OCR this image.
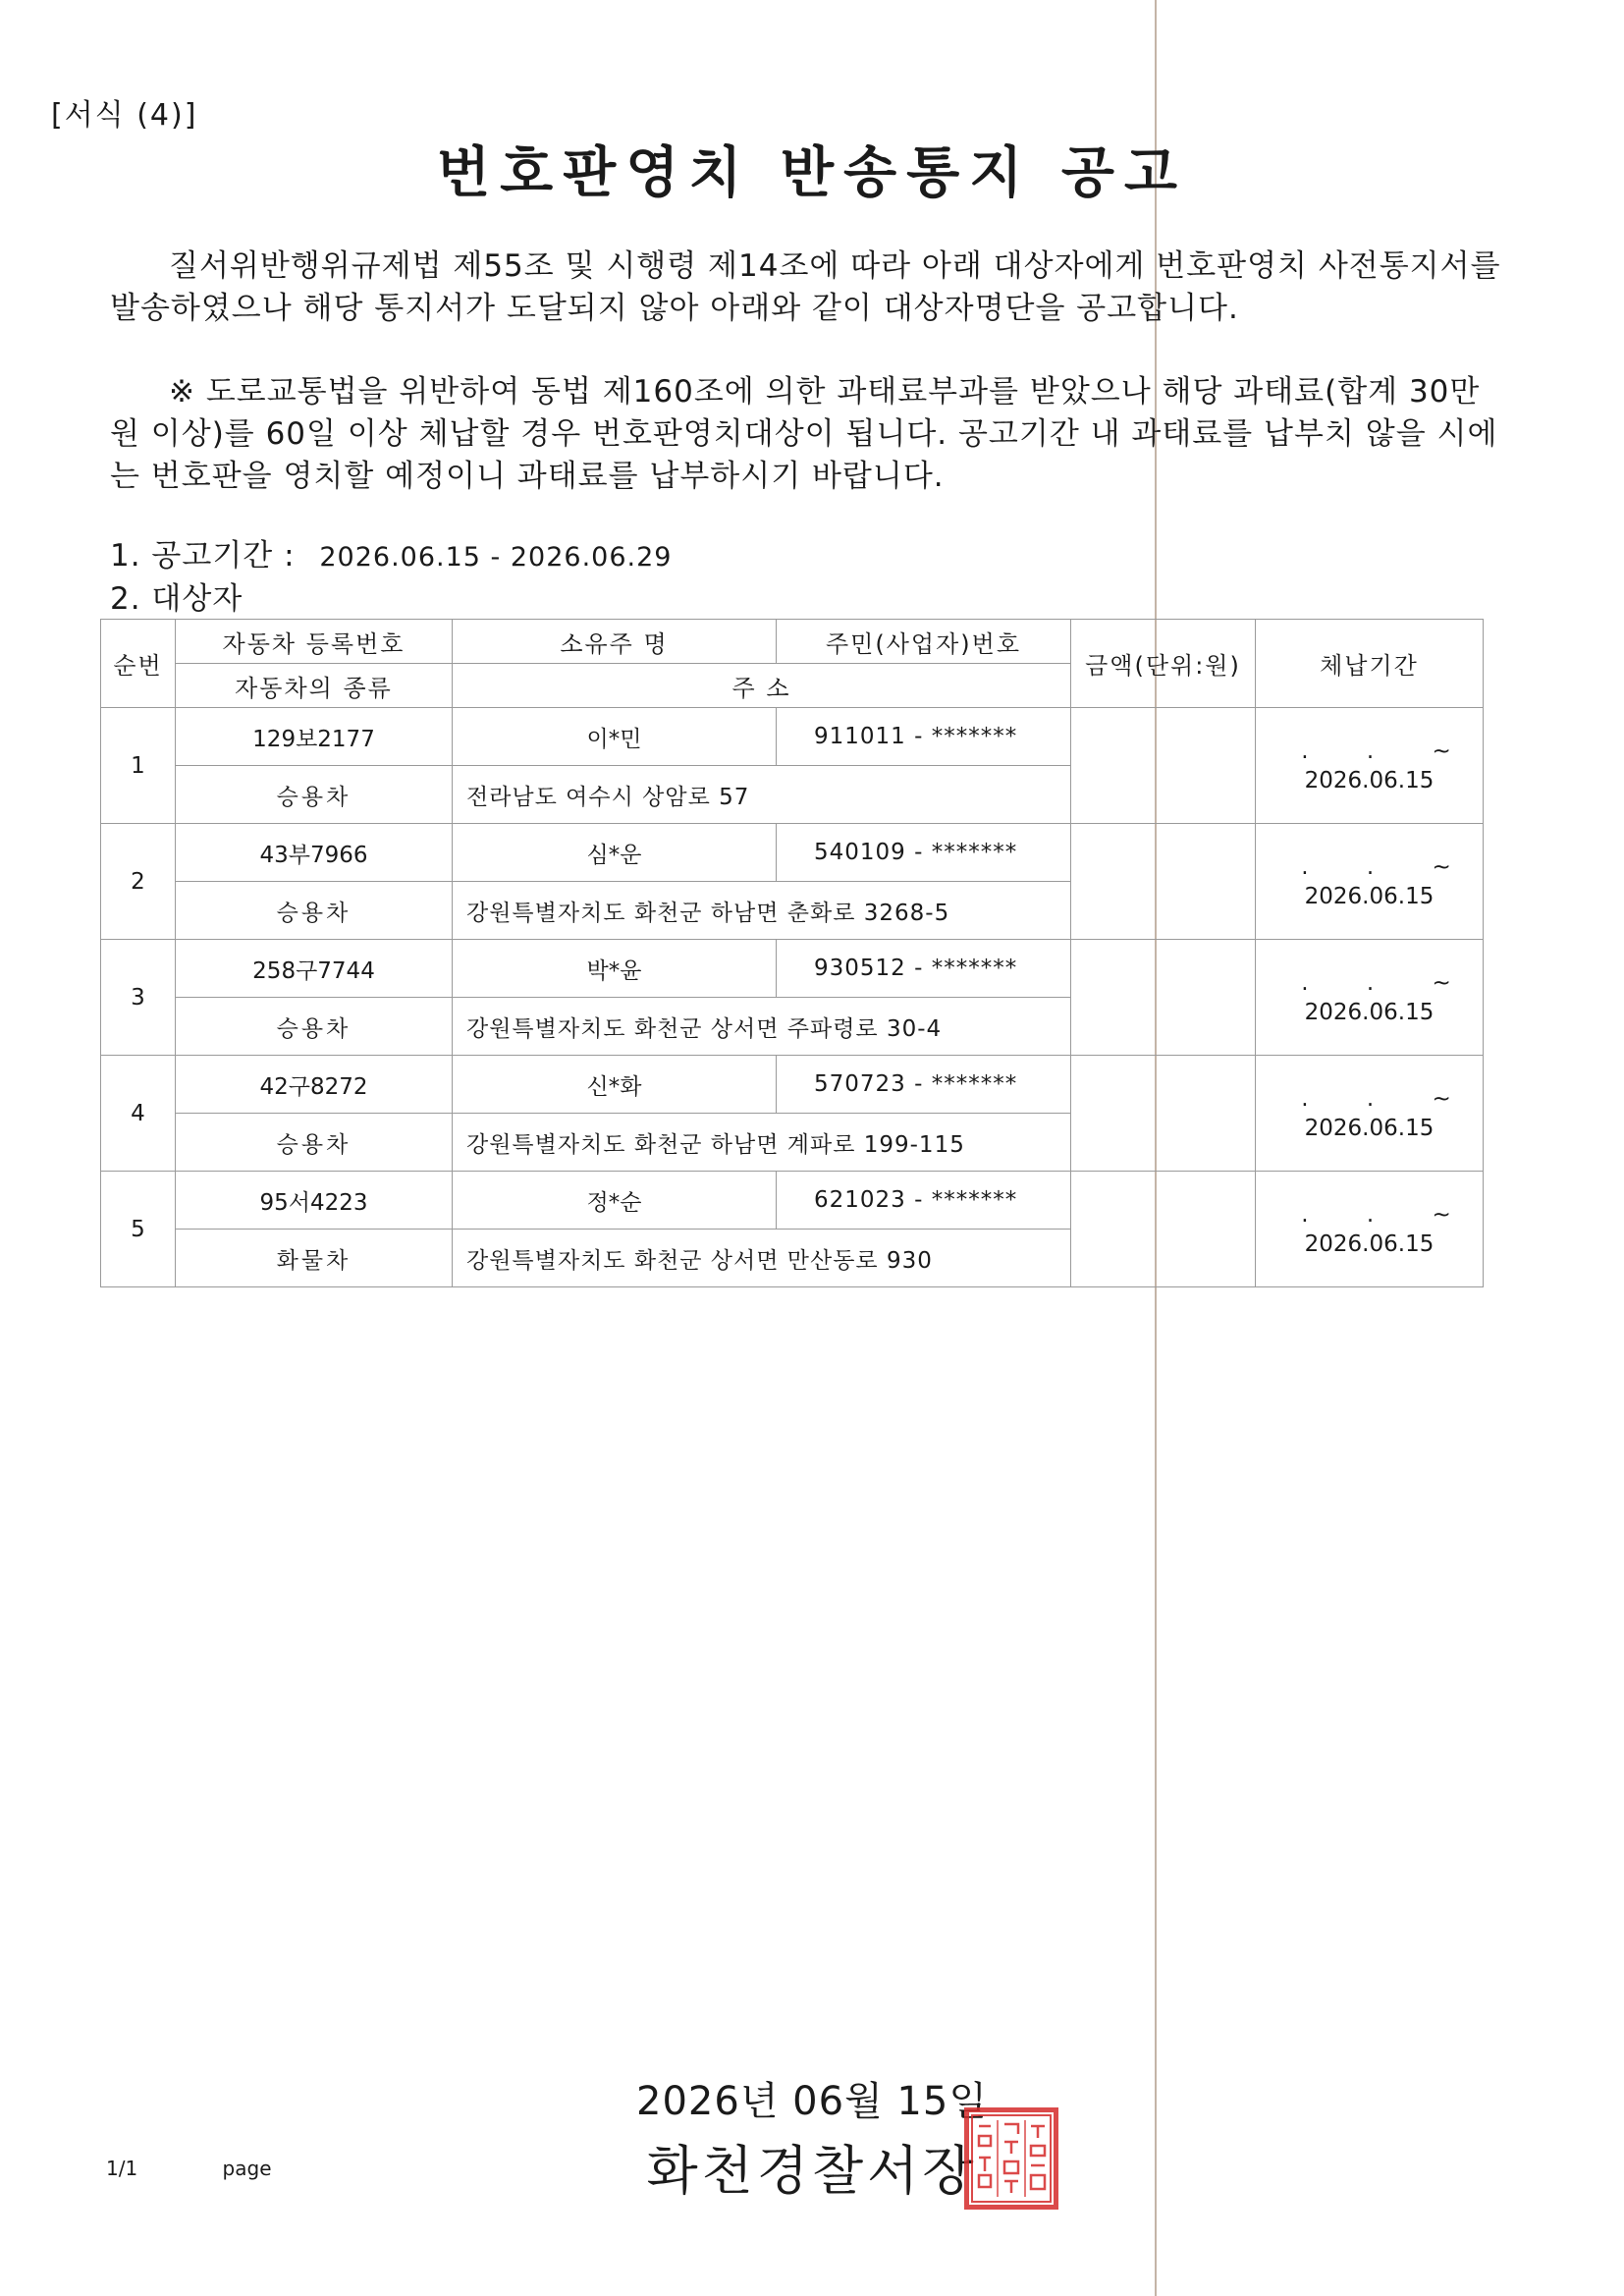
[서식 (4)]
번호판영치 반송통지 공고
질서위반행위규제법 제55조 및 시행령 제14조에 따라 아래 대상자에게 번호판영치 사전통지서를 발송하였으나 해당 통지서가 도달되지 않아 아래와 같이 대상자명단을 공고합니다.
※ 도로교통법을 위반하여 동법 제160조에 의한 과태료부과를 받았으나 해당 과태료(합계 30만원 이상)를 60일 이상 체납할 경우 번호판영치대상이 됩니다. 공고기간 내 과태료를 납부치 않을 시에는 번호판을 영치할 예정이니 과태료를 납부하시기 바랍니다.
1. 공고기간 : 2026.06.15 - 2026.06.29
2. 대상자
순번	자동차 등록번호	소유주 명	주민(사업자)번호	금액(단위:원)	체납기간
	자동차의 종류	주 소			
1	129보2177	이*민	911011 - *******		. . ~
2026.06.15
	승용차	전라남도 여수시 상암로 57			
2	43부7966	심*운	540109 - *******		. . ~
2026.06.15
	승용차	강원특별자치도 화천군 하남면 춘화로 3268-5			
3	258구7744	박*윤	930512 - *******		. . ~
2026.06.15
	승용차	강원특별자치도 화천군 상서면 주파령로 30-4			
4	42구8272	신*화	570723 - *******		. . ~
2026.06.15
	승용차	강원특별자치도 화천군 하남면 계파로 199-115			
5	95서4223	정*순	621023 - *******		. . ~
2026.06.15
	화물차	강원특별자치도 화천군 상서면 만산동로 930			
2026년 06월 15일
1/1	page	화천경찰서장
